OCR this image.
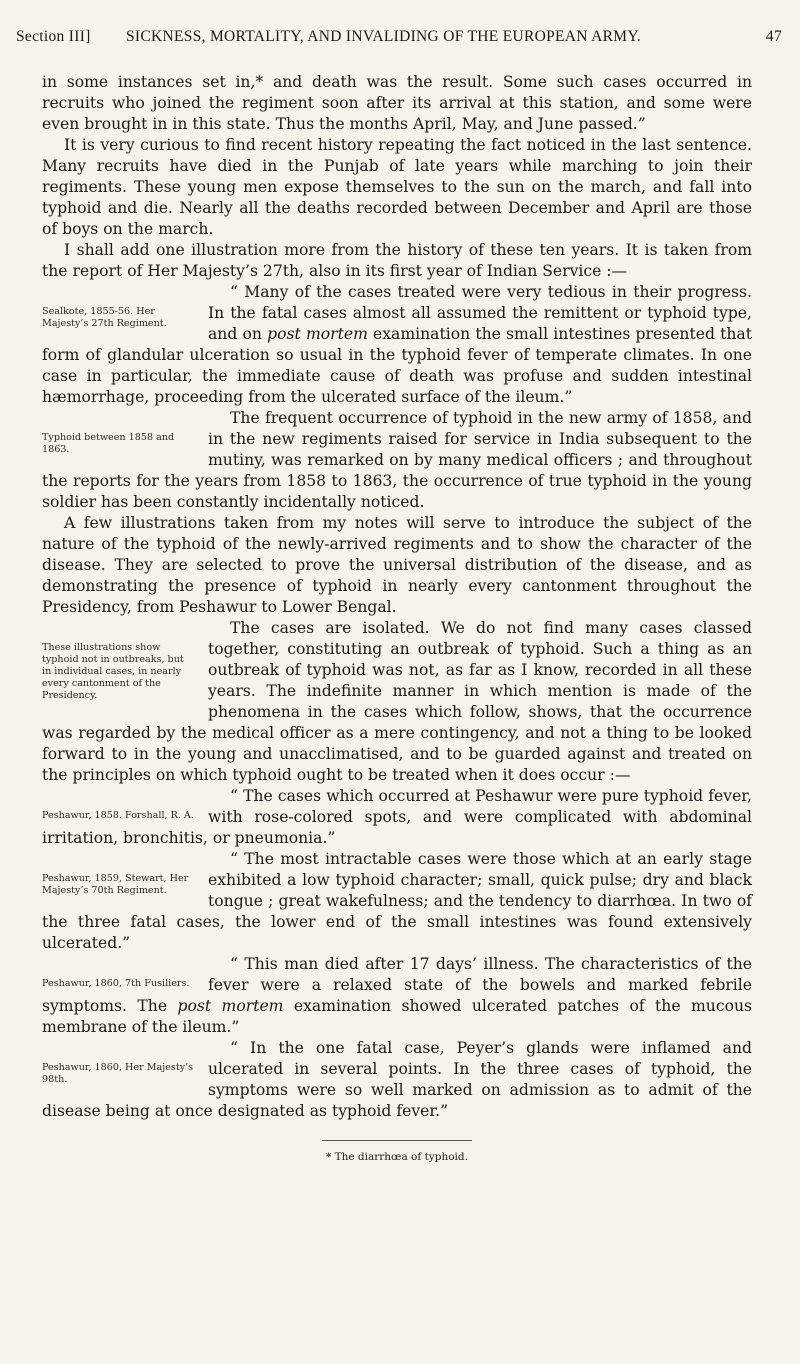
Section III] SICKNESS, MORTALITY, AND INVALIDING OF THE EUROPEAN ARMY.	47

in some instances set in,* and death was the result. Some such cases occurred in recruits who joined the regiment soon after its arrival at this station, and some were even brought in in this state. Thus the months April, May, and June passed.”

It is very curious to find recent history repeating the fact noticed in the last sentence. Many recruits have died in the Punjab of late years while marching to join their regiments. These young men expose themselves to the sun on the march, and fall into typhoid and die. Nearly all the deaths recorded between December and April are those of boys on the march.

I shall add one illustration more from the history of these ten years. It is taken from the report of Her Majesty’s 27th, also in its first year of Indian Service :—

Sealkote, 1855-56. Her Majesty’s 27th Regiment.
“ Many of the cases treated were very tedious in their progress. In the fatal cases almost all assumed the remittent or typhoid type, and on post mortem examination the small intestines presented that form of glandular ulceration so usual in the typhoid fever of temperate climates. In one case in particular, the immediate cause of death was profuse and sudden intestinal hæmorrhage, proceeding from the ulcerated surface of the ileum.”

Typhoid between 1858 and 1863.
The frequent occurrence of typhoid in the new army of 1858, and in the new regiments raised for service in India subsequent to the mutiny, was remarked on by many medical officers ; and throughout the reports for the years from 1858 to 1863, the occurrence of true typhoid in the young soldier has been constantly incidentally noticed.

A few illustrations taken from my notes will serve to introduce the subject of the nature of the typhoid of the newly-arrived regiments and to show the character of the disease. They are selected to prove the universal distribution of the disease, and as demonstrating the presence of typhoid in nearly every cantonment throughout the Presidency, from Peshawur to Lower Bengal.

These illustrations show typhoid not in outbreaks, but in individual cases, in nearly every cantonment of the Presidency.
The cases are isolated. We do not find many cases classed together, constituting an outbreak of typhoid. Such a thing as an outbreak of typhoid was not, as far as I know, recorded in all these years. The indefinite manner in which mention is made of the phenomena in the cases which follow, shows, that the occurrence was regarded by the medical officer as a mere contingency, and not a thing to be looked forward to in the young and unacclimatised, and to be guarded against and treated on the principles on which typhoid ought to be treated when it does occur :—

Peshawur, 1858. Forshall, R. A.
“ The cases which occurred at Peshawur were pure typhoid fever, with rose-colored spots, and were complicated with abdominal irritation, bronchitis, or pneumonia.”

Peshawur, 1859, Stewart, Her Majesty’s 70th Regiment.
“ The most intractable cases were those which at an early stage exhibited a low typhoid character; small, quick pulse; dry and black tongue ; great wakefulness; and the tendency to diarrhœa. In two of the three fatal cases, the lower end of the small intestines was found extensively ulcerated.”

Peshawur, 1860, 7th Fusiliers.
“ This man died after 17 days’ illness. The characteristics of the fever were a relaxed state of the bowels and marked febrile symptoms. The post mortem examination showed ulcerated patches of the mucous membrane of the ileum.”

Peshawur, 1860, Her Majesty’s 98th.
“ In the one fatal case, Peyer’s glands were inflamed and ulcerated in several points. In the three cases of typhoid, the symptoms were so well marked on admission as to admit of the disease being at once designated as typhoid fever.”

* The diarrhœa of typhoid.
